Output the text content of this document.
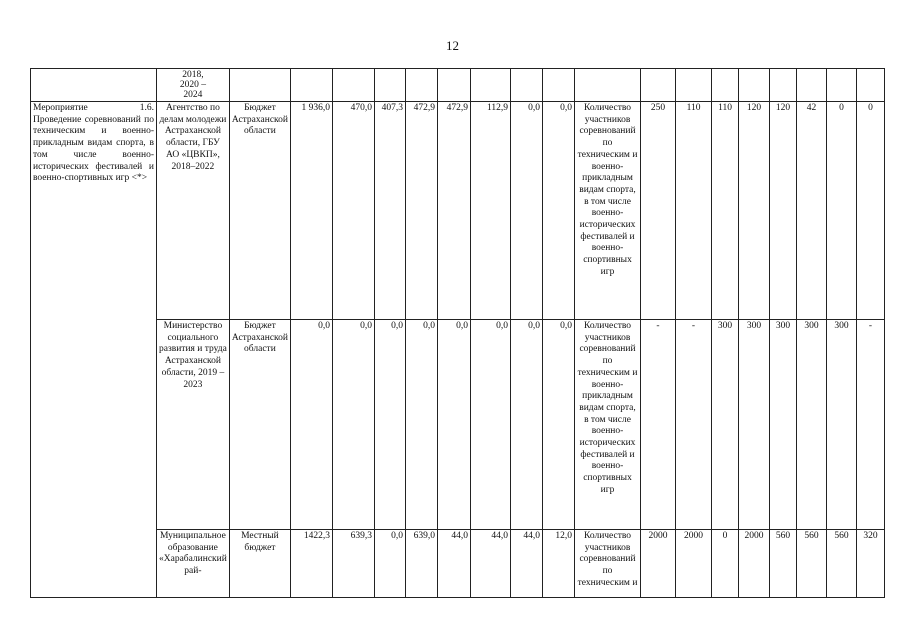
12
	2018,
2020 –
2024																		
Мероприятие 1.6. Проведение соревнований по техническим и военно-прикладным видам спорта, в том числе военно-исторических фестивалей и военно-спортивных игр <*>	Агентство по делам молодежи Астраханской области, ГБУ АО «ЦВКП», 2018–2022	Бюджет Астраханской области	1 936,0	470,0	407,3	472,9	472,9	112,9	0,0	0,0	Количество участников соревнований по техническим и военно-прикладным видам спорта, в том числе военно-исторических фестивалей и военно-спортивных игр	250	110	110	120	120	42	0	0
	Министерство социального развития и труда Астраханской области, 2019 – 2023	Бюджет Астраханской области	0,0	0,0	0,0	0,0	0,0	0,0	0,0	0,0	Количество участников соревнований по техническим и военно-прикладным видам спорта, в том числе военно-исторических фестивалей и военно-спортивных игр	-	-	300	300	300	300	300	-
	Муниципальное образование «Харабалинский рай-	Местный бюджет	1422,3	639,3	0,0	639,0	44,0	44,0	44,0	12,0	Количество участников соревнований по техническим и	2000	2000	0	2000	560	560	560	320
